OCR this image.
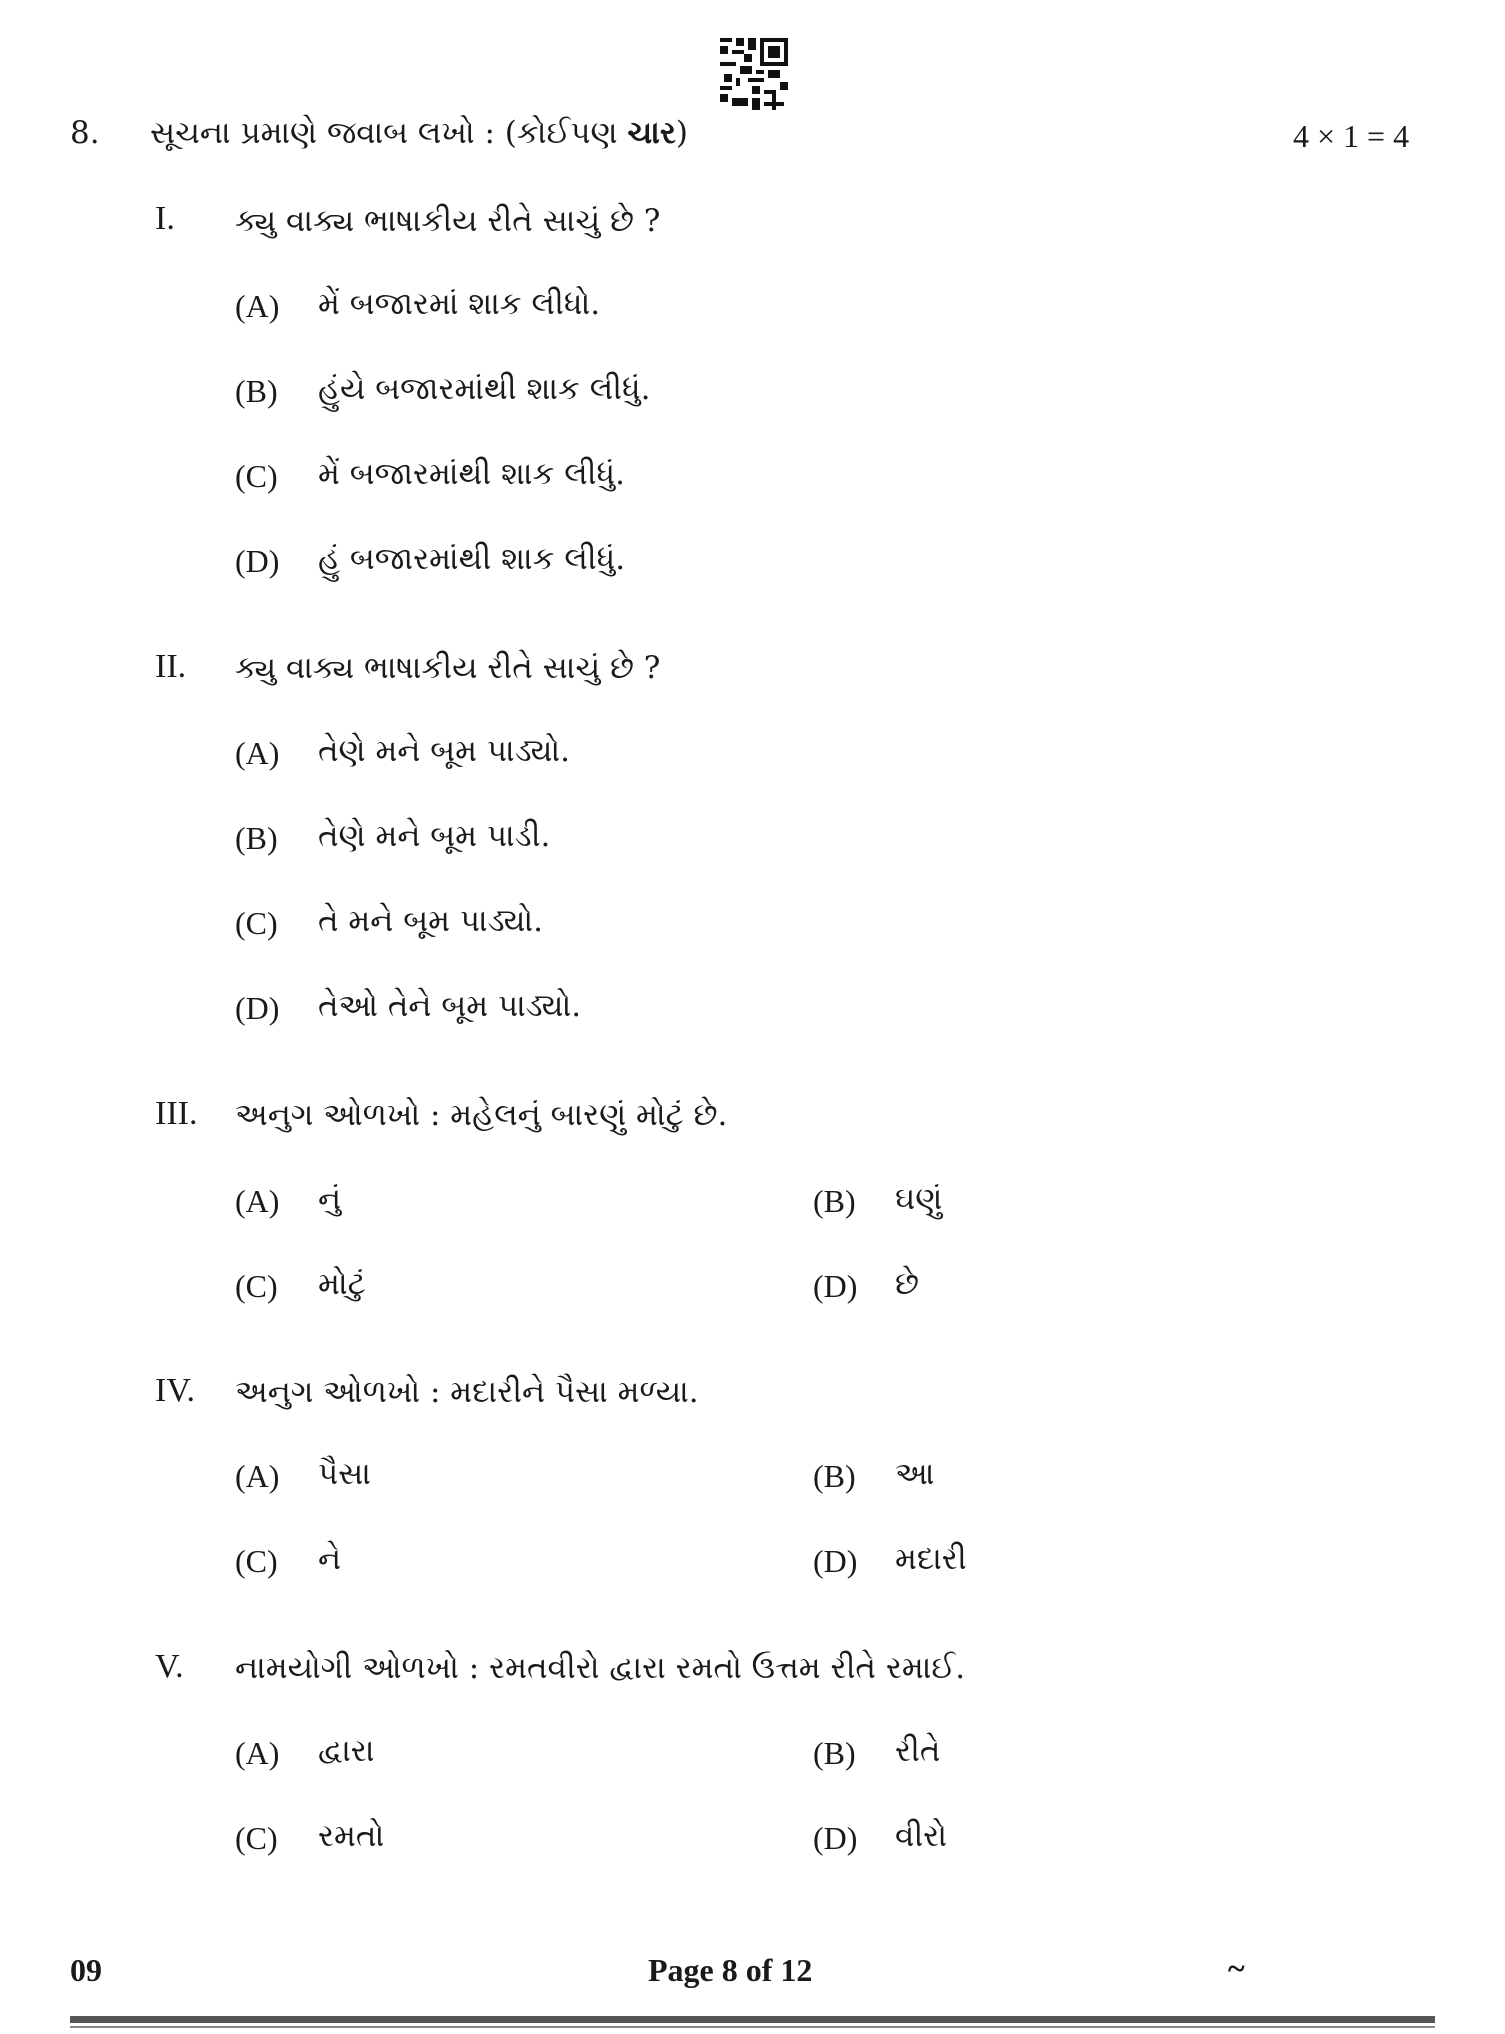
8. સૂચના પ્રમાણે જવાબ લખો : (કોઈપણ ચાર)	4 × 1 = 4
I. ક્યુ વાક્ય ભાષાકીય રીતે સાચું છે ?
(A) મેં બજારમાં શાક લીધો.
(B) હુંયે બજારમાંથી શાક લીધું.
(C) મેં બજારમાંથી શાક લીધું.
(D) હું બજારમાંથી શાક લીધું.
II. ક્યુ વાક્ય ભાષાકીય રીતે સાચું છે ?
(A) તેણે મને બૂમ પાડ્યો.
(B) તેણે મને બૂમ પાડી.
(C) તે મને બૂમ પાડ્યો.
(D) તેઓ તેને બૂમ પાડ્યો.
III. અનુગ ઓળખો : મહેલનું બારણું મોટું છે.
(A) નું	(B) ઘણું
(C) મોટું	(D) છે
IV. અનુગ ઓળખો : મદારીને પૈસા મળ્યા.
(A) પૈસા	(B) આ
(C) ને	(D) મદારી
V. નામયોગી ઓળખો : રમતવીરો દ્વારા રમતો ઉત્તમ રીતે રમાઈ.
(A) દ્વારા	(B) રીતે
(C) રમતો	(D) વીરો
09	Page 8 of 12	~
